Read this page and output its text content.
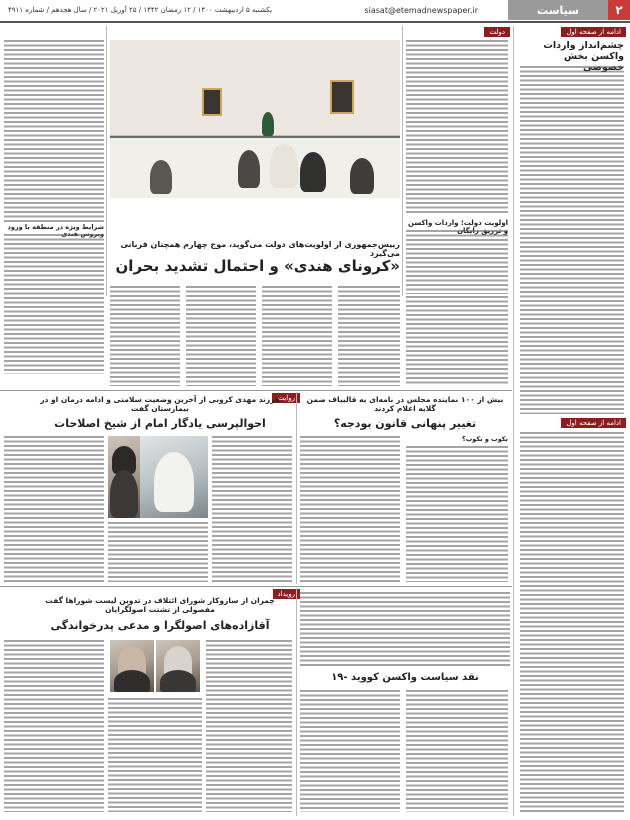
۲
سیاست
siasat@etemadnewspaper.ir
یکشنبه ۵ اردیبهشت ۱۴۰۰ / ۱۲ رمضان ۱۴۴۲ / ۲۵ آوریل ۲۰۲۱ / سال هجدهم / شماره ۴۹۱۱
ادامه از صفحه اول
چشم‌انداز واردات واکسن بخش خصوصی
ادامه از صفحه اول
دولت
اولویت دولت؛ واردات واکسن و تزریق رایگان
شرایط ویژه در منطقه با ورود ویروس هندی
رییس‌جمهوری از اولویت‌های دولت می‌گوید، موج چهارم همچنان قربانی می‌گیرد
«کرونای هندی» و احتمال تشدید بحران
روایت
فرزند مهدی کروبی از آخرین وضعیت سلامتی و ادامه درمان او در بیمارستان گفت
احوالپرسی یادگار امام از شیخ اصلاحات
بیش از ۱۰۰ نماینده مجلس در نامه‌ای به قالیباف ضمن گلایه اعلام کردند
تغییر پنهانی قانون بودجه؟
بکوب و بکوب؟
رویداد
چمران از سازوکار شورای ائتلاف در تدوین لیست شوراها گفت مفصولی از تشتت اصولگرایان
آقازاده‌های اصولگرا و مدعی پدرخواندگی
نقد سیاست واکسن کووید -۱۹
